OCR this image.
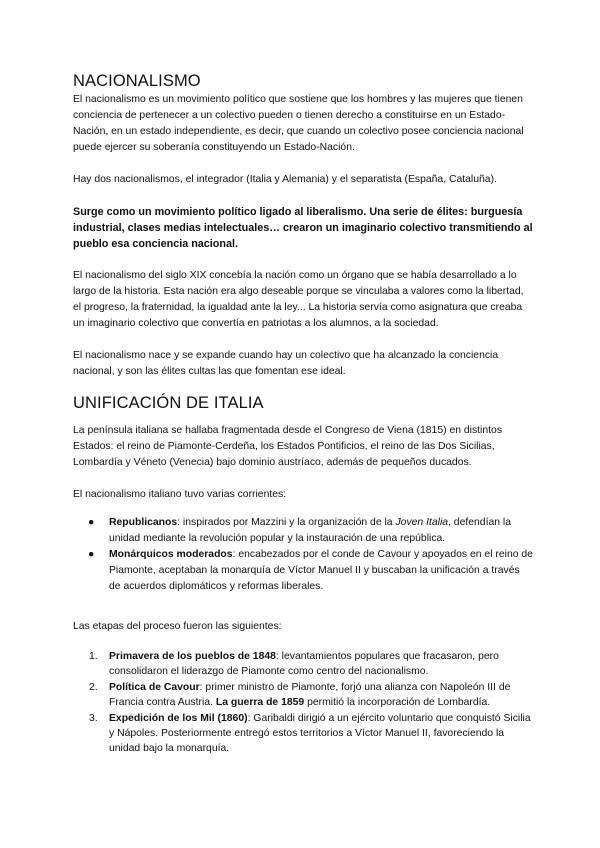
NACIONALISMO

El nacionalismo es un movimiento político que sostiene que los hombres y las mujeres que tienen conciencia de pertenecer a un colectivo pueden o tienen derecho a constituirse en un Estado-Nación, en un estado independiente, es decir, que cuando un colectivo posee conciencia nacional puede ejercer su soberanía constituyendo un Estado-Nación.

Hay dos nacionalismos, el integrador (Italia y Alemania) y el separatista (España, Cataluña).

Surge como un movimiento político ligado al liberalismo. Una serie de élites: burguesía industrial, clases medias intelectuales… crearon un imaginario colectivo transmitiendo al pueblo esa conciencia nacional.

El nacionalismo del siglo XIX concebía la nación como un órgano que se había desarrollado a lo largo de la historia. Esta nación era algo deseable porque se vinculaba a valores como la libertad, el progreso, la fraternidad, la igualdad ante la ley... La historia servía como asignatura que creaba un imaginario colectivo que convertía en patriotas a los alumnos, a la sociedad.

El nacionalismo nace y se expande cuando hay un colectivo que ha alcanzado la conciencia nacional, y son las élites cultas las que fomentan ese ideal.

UNIFICACIÓN DE ITALIA

La península italiana se hallaba fragmentada desde el Congreso de Viena (1815) en distintos Estados: el reino de Piamonte-Cerdeña, los Estados Pontificios, el reino de las Dos Sicilias, Lombardía y Véneto (Venecia) bajo dominio austríaco, además de pequeños ducados.

El nacionalismo italiano tuvo varias corrientes:

● Republicanos: inspirados por Mazzini y la organización de la Joven Italia, defendían la unidad mediante la revolución popular y la instauración de una república.
● Monárquicos moderados: encabezados por el conde de Cavour y apoyados en el reino de Piamonte, aceptaban la monarquía de Víctor Manuel II y buscaban la unificación a través de acuerdos diplomáticos y reformas liberales.

Las etapas del proceso fueron las siguientes:

1. Primavera de los pueblos de 1848: levantamientos populares que fracasaron, pero consolidaron el liderazgo de Piamonte como centro del nacionalismo.
2. Política de Cavour: primer ministro de Piamonte, forjó una alianza con Napoleón III de Francia contra Austria. La guerra de 1859 permitió la incorporación de Lombardía.
3. Expedición de los Mil (1860): Garibaldi dirigió a un ejército voluntario que conquistó Sicilia y Nápoles. Posteriormente entregó estos territorios a Víctor Manuel II, favoreciendo la unidad bajo la monarquía.
